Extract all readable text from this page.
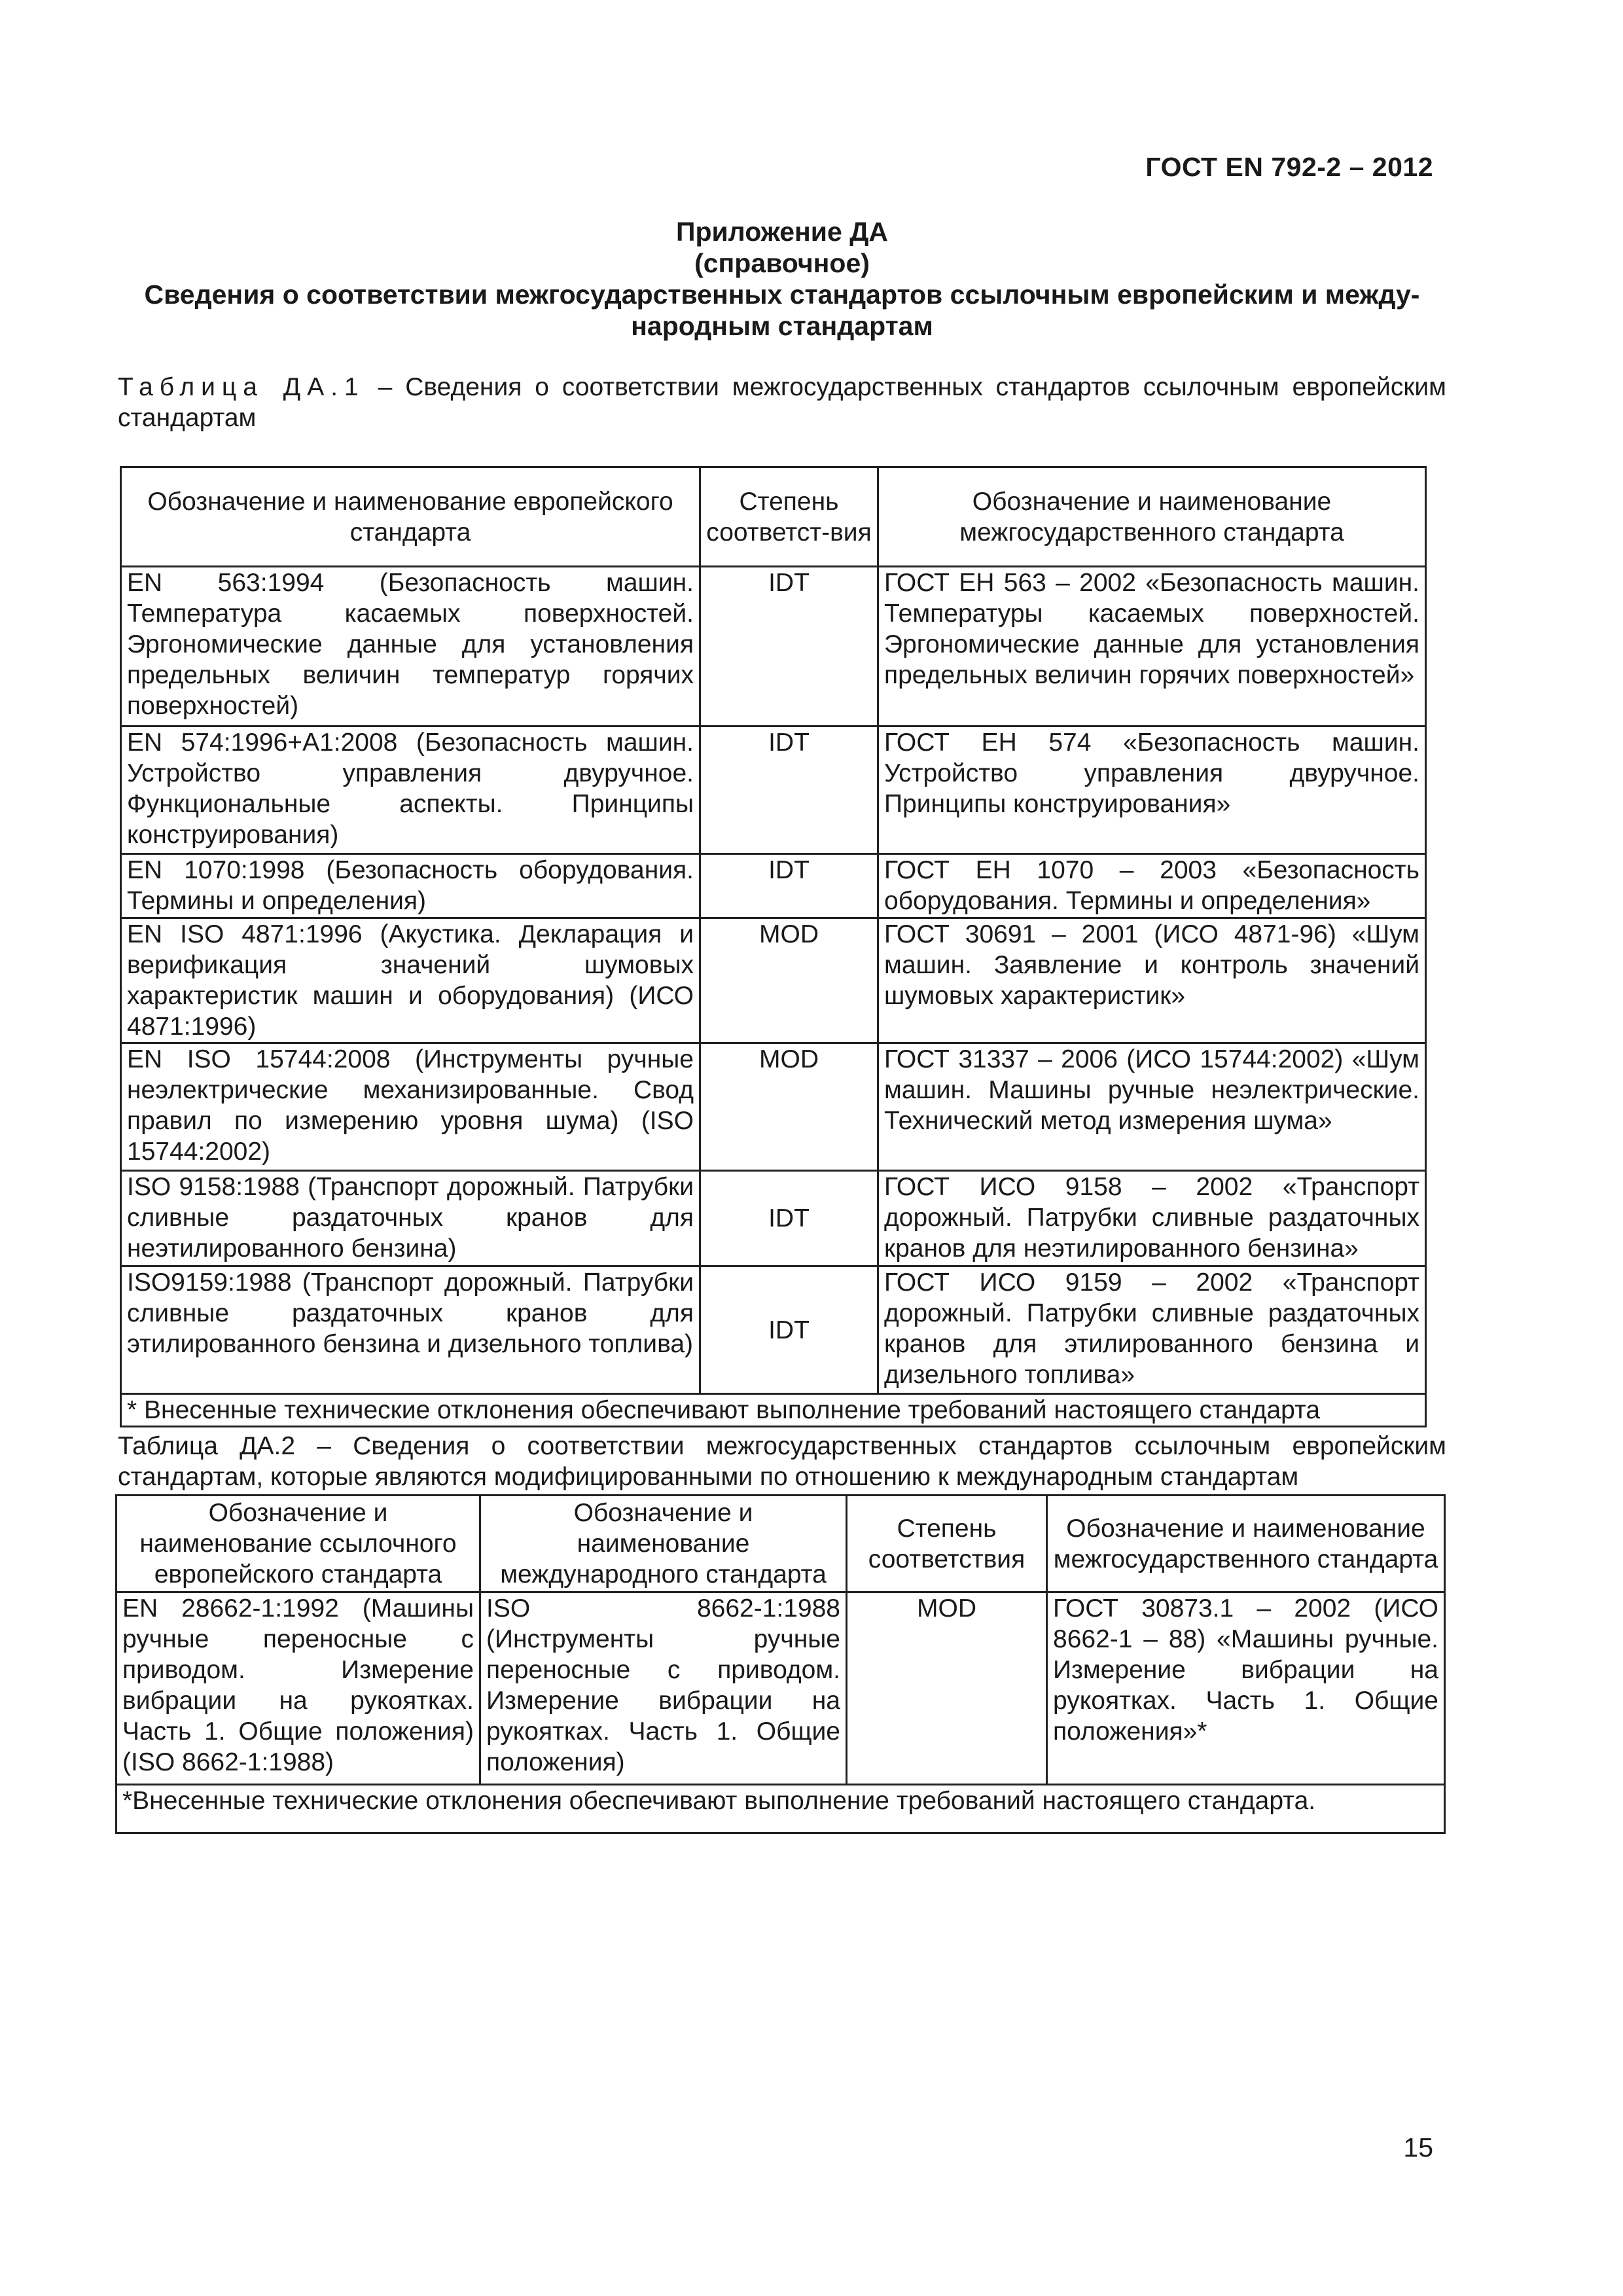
ГОСТ EN 792-2 – 2012
Приложение ДА
(справочное)
Сведения о соответствии межгосударственных стандартов ссылочным европейским и между-
народным стандартам
Таблица ДА.1 – Сведения о соответствии межгосударственных стандартов ссылочным европейским стандартам
Обозначение и наименование европейского стандарта	Степень соответст-вия	Обозначение и наименование межгосударственного стандарта
EN 563:1994 (Безопасность машин. Температура касаемых поверхностей. Эргономические данные для установления предельных величин температур горячих поверхностей)	IDT	ГОСТ ЕН 563 – 2002 «Безопасность машин. Температуры касаемых поверхностей. Эргономические данные для установления предельных величин горячих поверхностей»
EN 574:1996+A1:2008 (Безопасность машин. Устройство управления двуручное. Функциональные аспекты. Принципы конструирования)	IDT	ГОСТ ЕН 574 «Безопасность машин. Устройство управления двуручное. Принципы конструирования»
EN 1070:1998 (Безопасность оборудования. Термины и определения)	IDT	ГОСТ ЕН 1070 – 2003 «Безопасность оборудования. Термины и определения»
EN ISO 4871:1996 (Акустика. Декларация и верификация значений шумовых характеристик машин и оборудования) (ИСО 4871:1996)	MOD	ГОСТ 30691 – 2001 (ИСО 4871-96) «Шум машин. Заявление и контроль значений шумовых характеристик»
EN ISO 15744:2008 (Инструменты ручные неэлектрические механизированные. Свод правил по измерению уровня шума) (ISO 15744:2002)	MOD	ГОСТ 31337 – 2006 (ИСО 15744:2002) «Шум машин. Машины ручные неэлектрические. Технический метод измерения шума»
ISO 9158:1988 (Транспорт дорожный. Патрубки сливные раздаточных кранов для неэтилированного бензина)	IDT	ГОСТ ИСО 9158 – 2002 «Транспорт дорожный. Патрубки сливные раздаточных кранов для неэтилированного бензина»
ISO9159:1988 (Транспорт дорожный. Патрубки сливные раздаточных кранов для этилированного бензина и дизельного топлива)	IDT	ГОСТ ИСО 9159 – 2002 «Транспорт дорожный. Патрубки сливные раздаточных кранов для этилированного бензина и дизельного топлива»
* Внесенные технические отклонения обеспечивают выполнение требований настоящего стандарта		
Таблица ДА.2 – Сведения о соответствии межгосударственных стандартов ссылочным европейским стандартам, которые являются модифицированными по отношению к международным стандартам
Обозначение и наименование ссылочного европейского стандарта	Обозначение и наименование международного стандарта	Степень соответствия	Обозначение и наименование межгосударственного стандарта
EN 28662-1:1992 (Машины ручные переносные с приводом. Измерение вибрации на рукоятках. Часть 1. Общие положения) (ISO 8662-1:1988)	ISO 8662-1:1988 (Инструменты ручные переносные с приводом. Измерение вибрации на рукоятках. Часть 1. Общие положения)	MOD	ГОСТ 30873.1 – 2002 (ИСО 8662-1 – 88) «Машины ручные. Измерение вибрации на рукоятках. Часть 1. Общие положения»*
*Внесенные технические отклонения обеспечивают выполнение требований настоящего стандарта.			
15
